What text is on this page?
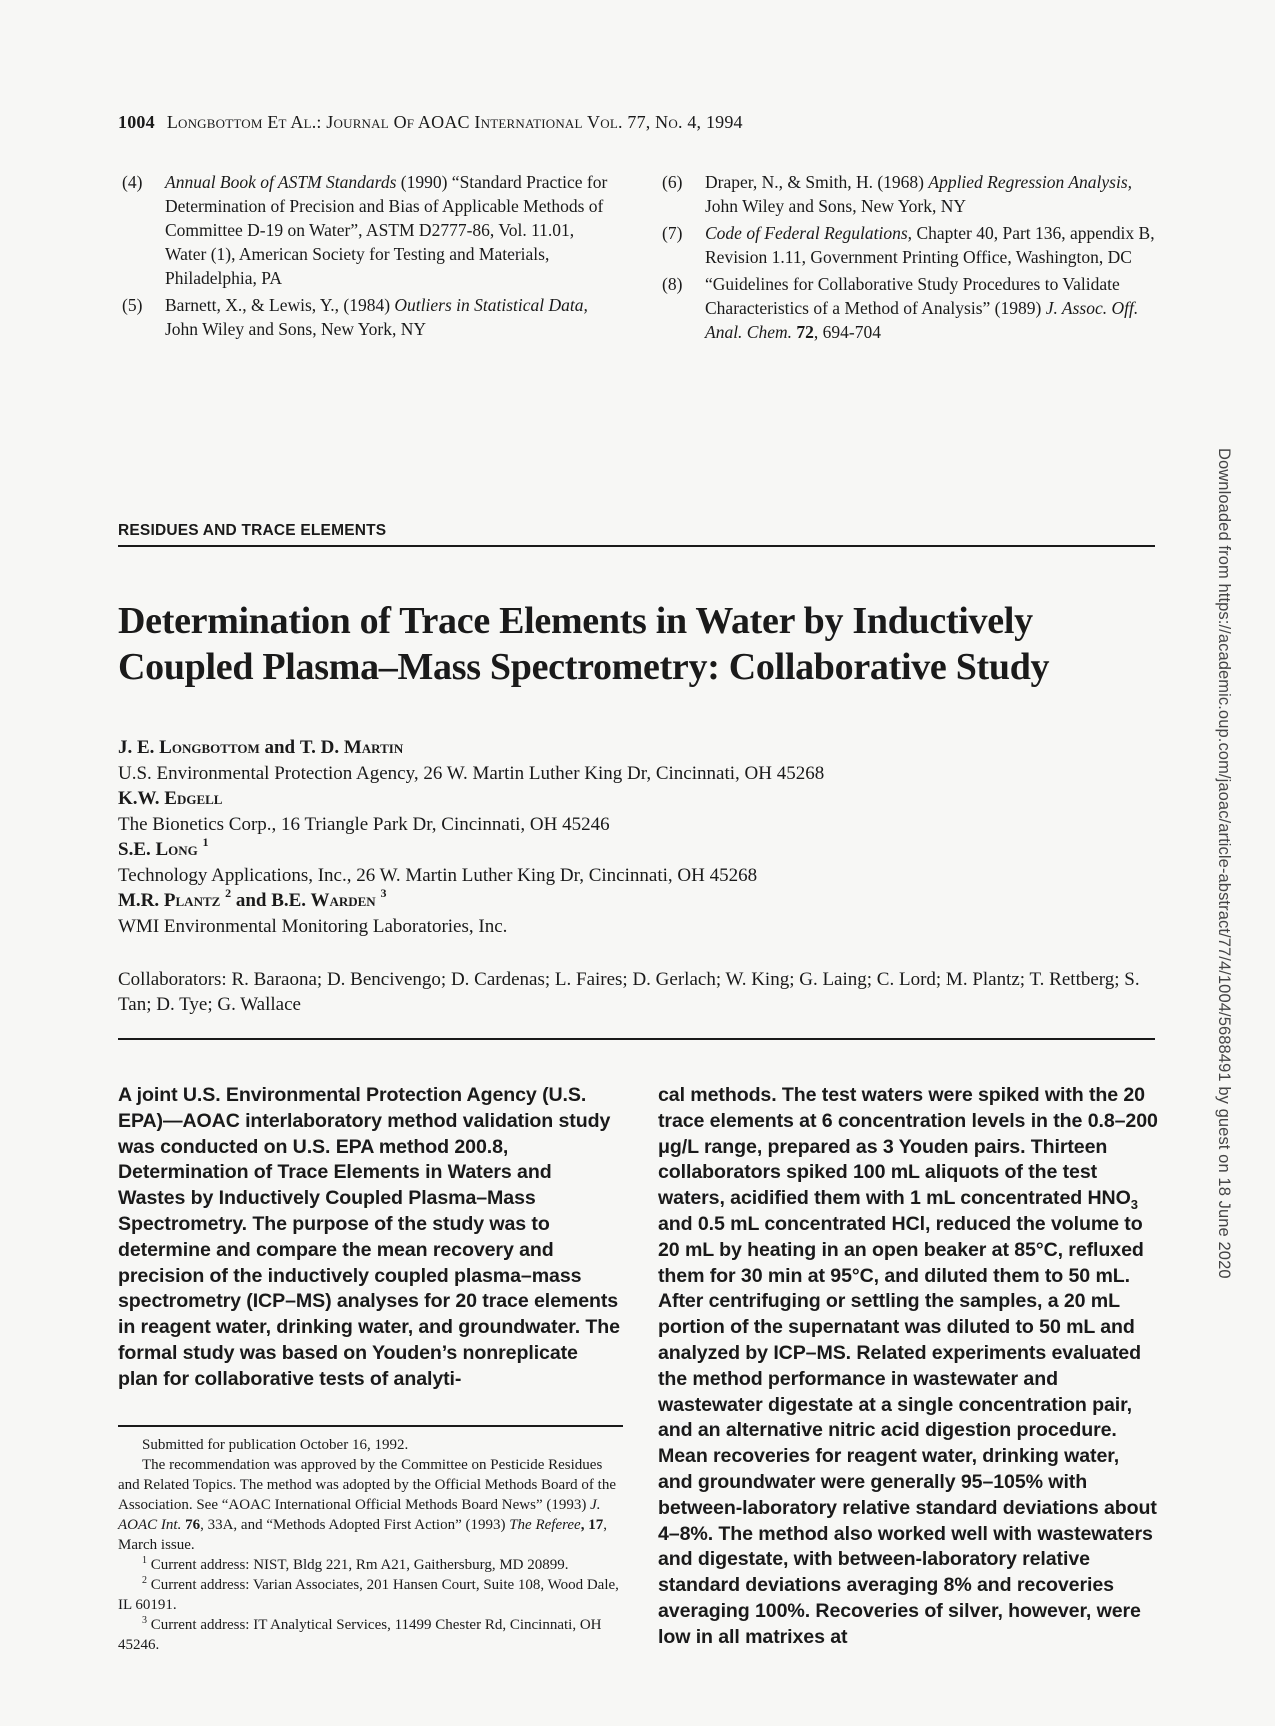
1004 Longbottom Et Al.: Journal Of AOAC International Vol. 77, No. 4, 1994
(4) Annual Book of ASTM Standards (1990) “Standard Practice for Determination of Precision and Bias of Applicable Methods of Committee D-19 on Water”, ASTM D2777-86, Vol. 11.01, Water (1), American Society for Testing and Materials, Philadelphia, PA
(5) Barnett, X., & Lewis, Y., (1984) Outliers in Statistical Data, John Wiley and Sons, New York, NY
(6) Draper, N., & Smith, H. (1968) Applied Regression Analysis, John Wiley and Sons, New York, NY
(7) Code of Federal Regulations, Chapter 40, Part 136, appendix B, Revision 1.11, Government Printing Office, Washington, DC
(8) “Guidelines for Collaborative Study Procedures to Validate Characteristics of a Method of Analysis” (1989) J. Assoc. Off. Anal. Chem. 72, 694-704
RESIDUES AND TRACE ELEMENTS
Determination of Trace Elements in Water by Inductively
Coupled Plasma–Mass Spectrometry: Collaborative Study
J. E. Longbottom and T. D. Martin
U.S. Environmental Protection Agency, 26 W. Martin Luther King Dr, Cincinnati, OH 45268
K.W. Edgell
The Bionetics Corp., 16 Triangle Park Dr, Cincinnati, OH 45246
S.E. Long $^1$
Technology Applications, Inc., 26 W. Martin Luther King Dr, Cincinnati, OH 45268
M.R. Plantz $^2$ and B.E. Warden $^3$
WMI Environmental Monitoring Laboratories, Inc.
Collaborators: R. Baraona; D. Bencivengo; D. Cardenas; L. Faires; D. Gerlach; W. King; G. Laing; C. Lord; M. Plantz; T. Rettberg; S. Tan; D. Tye; G. Wallace
A joint U.S. Environmental Protection Agency (U.S. EPA)—AOAC interlaboratory method validation study was conducted on U.S. EPA method 200.8, Determination of Trace Elements in Waters and Wastes by Inductively Coupled Plasma–Mass Spectrometry. The purpose of the study was to determine and compare the mean recovery and precision of the inductively coupled plasma–mass spectrometry (ICP–MS) analyses for 20 trace elements in reagent water, drinking water, and groundwater. The formal study was based on Youden’s nonreplicate plan for collaborative tests of analyti-
cal methods. The test waters were spiked with the 20 trace elements at 6 concentration levels in the 0.8–200 μg/L range, prepared as 3 Youden pairs. Thirteen collaborators spiked 100 mL aliquots of the test waters, acidified them with 1 mL concentrated $HNO_3$ and 0.5 mL concentrated HCl, reduced the volume to 20 mL by heating in an open beaker at 85°C, refluxed them for 30 min at 95°C, and diluted them to 50 mL. After centrifuging or settling the samples, a 20 mL portion of the supernatant was diluted to 50 mL and analyzed by ICP–MS. Related experiments evaluated the method performance in wastewater and wastewater digestate at a single concentration pair, and an alternative nitric acid digestion procedure. Mean recoveries for reagent water, drinking water, and groundwater were generally 95–105% with between-laboratory relative standard deviations about 4–8%. The method also worked well with wastewaters and digestate, with between-laboratory relative standard deviations averaging 8% and recoveries averaging 100%. Recoveries of silver, however, were low in all matrixes at

Submitted for publication October 16, 1992.

The recommendation was approved by the Committee on Pesticide Residues and Related Topics. The method was adopted by the Official Methods Board of the Association. See “AOAC International Official Methods Board News” (1993) J. AOAC Int. 76, 33A, and “Methods Adopted First Action” (1993) The Referee, 17, March issue.

$^1$ Current address: NIST, Bldg 221, Rm A21, Gaithersburg, MD 20899.

$^2$ Current address: Varian Associates, 201 Hansen Court, Suite 108, Wood Dale, IL 60191.

$^3$ Current address: IT Analytical Services, 11499 Chester Rd, Cincinnati, OH 45246.

Downloaded from https://academic.oup.com/jaoac/article-abstract/77/4/1004/5688491 by guest on 18 June 2020
